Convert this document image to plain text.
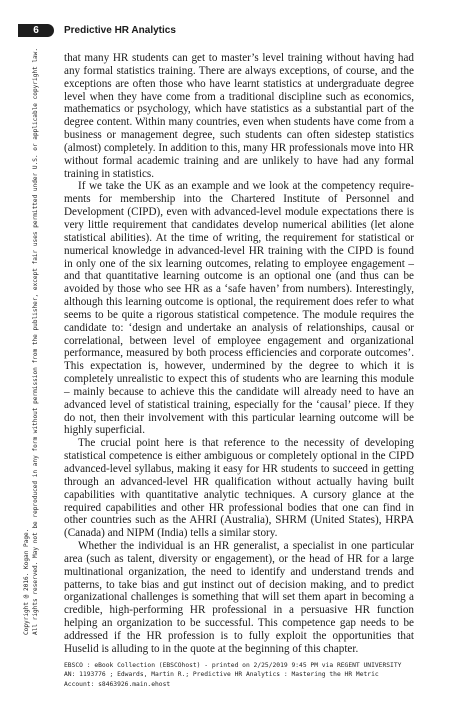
6	Predictive HR Analytics
Copyright @ 2016. Kogan Page. All rights reserved. May not be reproduced in any form without permission from the publisher, except fair uses permitted under U.S. or applicable copyright law. that many HR students can get to master’s level training without having had any formal statistics training. There are always exceptions, of course, and the exceptions are often those who have learnt statistics at undergraduate degree level when they have come from a traditional discipline such as economics, mathematics or psychology, which have statistics as a substantial part of the degree content. Within many countries, even when students have come from a business or management degree, such students can often sidestep statistics (almost) completely. In addition to this, many HR professionals move into HR without formal academic training and are unlikely to have had any formal training in statistics.

If we take the UK as an example and we look at the competency requirements for membership into the Chartered Institute of Personnel and Development (CIPD), even with advanced-level module expectations there is very little requirement that candidates develop numerical abilities (let alone statistical abilities). At the time of writing, the requirement for statistical or numerical knowledge in advanced-level HR training with the CIPD is found in only one of the six learning outcomes, relating to employee engagement – and that quantitative learning outcome is an optional one (and thus can be avoided by those who see HR as a ‘safe haven’ from numbers). Interestingly, although this learning outcome is optional, the requirement does refer to what seems to be quite a rigorous statistical competence. The module requires the candidate to: ‘design and undertake an analysis of relationships, causal or correlational, between level of employee engagement and organizational performance, measured by both process efficiencies and corporate outcomes’. This expectation is, however, undermined by the degree to which it is completely unrealistic to expect this of students who are learning this module – mainly because to achieve this the candidate will already need to have an advanced level of statistical training, especially for the ‘causal’ piece. If they do not, then their involvement with this particular learning outcome will be highly superficial.

The crucial point here is that reference to the necessity of developing statistical competence is either ambiguous or completely optional in the CIPD advanced-level syllabus, making it easy for HR students to succeed in getting through an advanced-level HR qualification without actually having built capabilities with quantitative analytic techniques. A cursory glance at the required capabilities and other HR professional bodies that one can find in other countries such as the AHRI (Australia), SHRM (United States), HRPA (Canada) and NIPM (India) tells a similar story.

Whether the individual is an HR generalist, a specialist in one particular area (such as talent, diversity or engagement), or the head of HR for a large multinational organization, the need to identify and understand trends and patterns, to take bias and gut instinct out of decision making, and to predict organizational challenges is something that will set them apart in becoming a credible, high-performing HR professional in a persuasive HR function helping an organization to be successful. This competence gap needs to be addressed if the HR profession is to fully exploit the opportunities that Huselid is alluding to in the quote at the beginning of this chapter.

EBSCO : eBook Collection (EBSCOhost) - printed on 2/25/2019 9:45 PM via REGENT UNIVERSITY
AN: 1193776 ; Edwards, Martin R.; Predictive HR Analytics : Mastering the HR Metric
Account: s8463926.main.ehost
